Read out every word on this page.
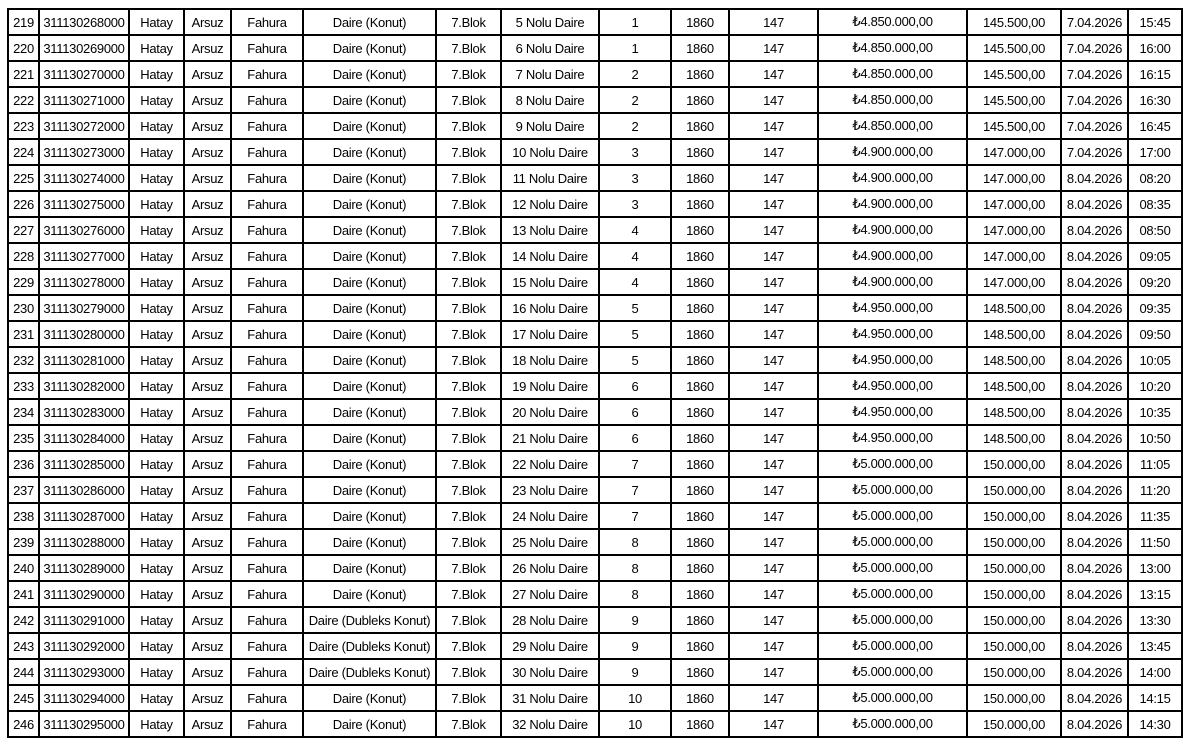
219	311130268000	Hatay	Arsuz	Fahura	Daire (Konut)	7.Blok	5 Nolu Daire	1	1860	147	₺4.850.000,00	145.500,00	7.04.2026	15:45
220	311130269000	Hatay	Arsuz	Fahura	Daire (Konut)	7.Blok	6 Nolu Daire	1	1860	147	₺4.850.000,00	145.500,00	7.04.2026	16:00
221	311130270000	Hatay	Arsuz	Fahura	Daire (Konut)	7.Blok	7 Nolu Daire	2	1860	147	₺4.850.000,00	145.500,00	7.04.2026	16:15
222	311130271000	Hatay	Arsuz	Fahura	Daire (Konut)	7.Blok	8 Nolu Daire	2	1860	147	₺4.850.000,00	145.500,00	7.04.2026	16:30
223	311130272000	Hatay	Arsuz	Fahura	Daire (Konut)	7.Blok	9 Nolu Daire	2	1860	147	₺4.850.000,00	145.500,00	7.04.2026	16:45
224	311130273000	Hatay	Arsuz	Fahura	Daire (Konut)	7.Blok	10 Nolu Daire	3	1860	147	₺4.900.000,00	147.000,00	7.04.2026	17:00
225	311130274000	Hatay	Arsuz	Fahura	Daire (Konut)	7.Blok	11 Nolu Daire	3	1860	147	₺4.900.000,00	147.000,00	8.04.2026	08:20
226	311130275000	Hatay	Arsuz	Fahura	Daire (Konut)	7.Blok	12 Nolu Daire	3	1860	147	₺4.900.000,00	147.000,00	8.04.2026	08:35
227	311130276000	Hatay	Arsuz	Fahura	Daire (Konut)	7.Blok	13 Nolu Daire	4	1860	147	₺4.900.000,00	147.000,00	8.04.2026	08:50
228	311130277000	Hatay	Arsuz	Fahura	Daire (Konut)	7.Blok	14 Nolu Daire	4	1860	147	₺4.900.000,00	147.000,00	8.04.2026	09:05
229	311130278000	Hatay	Arsuz	Fahura	Daire (Konut)	7.Blok	15 Nolu Daire	4	1860	147	₺4.900.000,00	147.000,00	8.04.2026	09:20
230	311130279000	Hatay	Arsuz	Fahura	Daire (Konut)	7.Blok	16 Nolu Daire	5	1860	147	₺4.950.000,00	148.500,00	8.04.2026	09:35
231	311130280000	Hatay	Arsuz	Fahura	Daire (Konut)	7.Blok	17 Nolu Daire	5	1860	147	₺4.950.000,00	148.500,00	8.04.2026	09:50
232	311130281000	Hatay	Arsuz	Fahura	Daire (Konut)	7.Blok	18 Nolu Daire	5	1860	147	₺4.950.000,00	148.500,00	8.04.2026	10:05
233	311130282000	Hatay	Arsuz	Fahura	Daire (Konut)	7.Blok	19 Nolu Daire	6	1860	147	₺4.950.000,00	148.500,00	8.04.2026	10:20
234	311130283000	Hatay	Arsuz	Fahura	Daire (Konut)	7.Blok	20 Nolu Daire	6	1860	147	₺4.950.000,00	148.500,00	8.04.2026	10:35
235	311130284000	Hatay	Arsuz	Fahura	Daire (Konut)	7.Blok	21 Nolu Daire	6	1860	147	₺4.950.000,00	148.500,00	8.04.2026	10:50
236	311130285000	Hatay	Arsuz	Fahura	Daire (Konut)	7.Blok	22 Nolu Daire	7	1860	147	₺5.000.000,00	150.000,00	8.04.2026	11:05
237	311130286000	Hatay	Arsuz	Fahura	Daire (Konut)	7.Blok	23 Nolu Daire	7	1860	147	₺5.000.000,00	150.000,00	8.04.2026	11:20
238	311130287000	Hatay	Arsuz	Fahura	Daire (Konut)	7.Blok	24 Nolu Daire	7	1860	147	₺5.000.000,00	150.000,00	8.04.2026	11:35
239	311130288000	Hatay	Arsuz	Fahura	Daire (Konut)	7.Blok	25 Nolu Daire	8	1860	147	₺5.000.000,00	150.000,00	8.04.2026	11:50
240	311130289000	Hatay	Arsuz	Fahura	Daire (Konut)	7.Blok	26 Nolu Daire	8	1860	147	₺5.000.000,00	150.000,00	8.04.2026	13:00
241	311130290000	Hatay	Arsuz	Fahura	Daire (Konut)	7.Blok	27 Nolu Daire	8	1860	147	₺5.000.000,00	150.000,00	8.04.2026	13:15
242	311130291000	Hatay	Arsuz	Fahura	Daire (Dubleks Konut)	7.Blok	28 Nolu Daire	9	1860	147	₺5.000.000,00	150.000,00	8.04.2026	13:30
243	311130292000	Hatay	Arsuz	Fahura	Daire (Dubleks Konut)	7.Blok	29 Nolu Daire	9	1860	147	₺5.000.000,00	150.000,00	8.04.2026	13:45
244	311130293000	Hatay	Arsuz	Fahura	Daire (Dubleks Konut)	7.Blok	30 Nolu Daire	9	1860	147	₺5.000.000,00	150.000,00	8.04.2026	14:00
245	311130294000	Hatay	Arsuz	Fahura	Daire (Konut)	7.Blok	31 Nolu Daire	10	1860	147	₺5.000.000,00	150.000,00	8.04.2026	14:15
246	311130295000	Hatay	Arsuz	Fahura	Daire (Konut)	7.Blok	32 Nolu Daire	10	1860	147	₺5.000.000,00	150.000,00	8.04.2026	14:30
